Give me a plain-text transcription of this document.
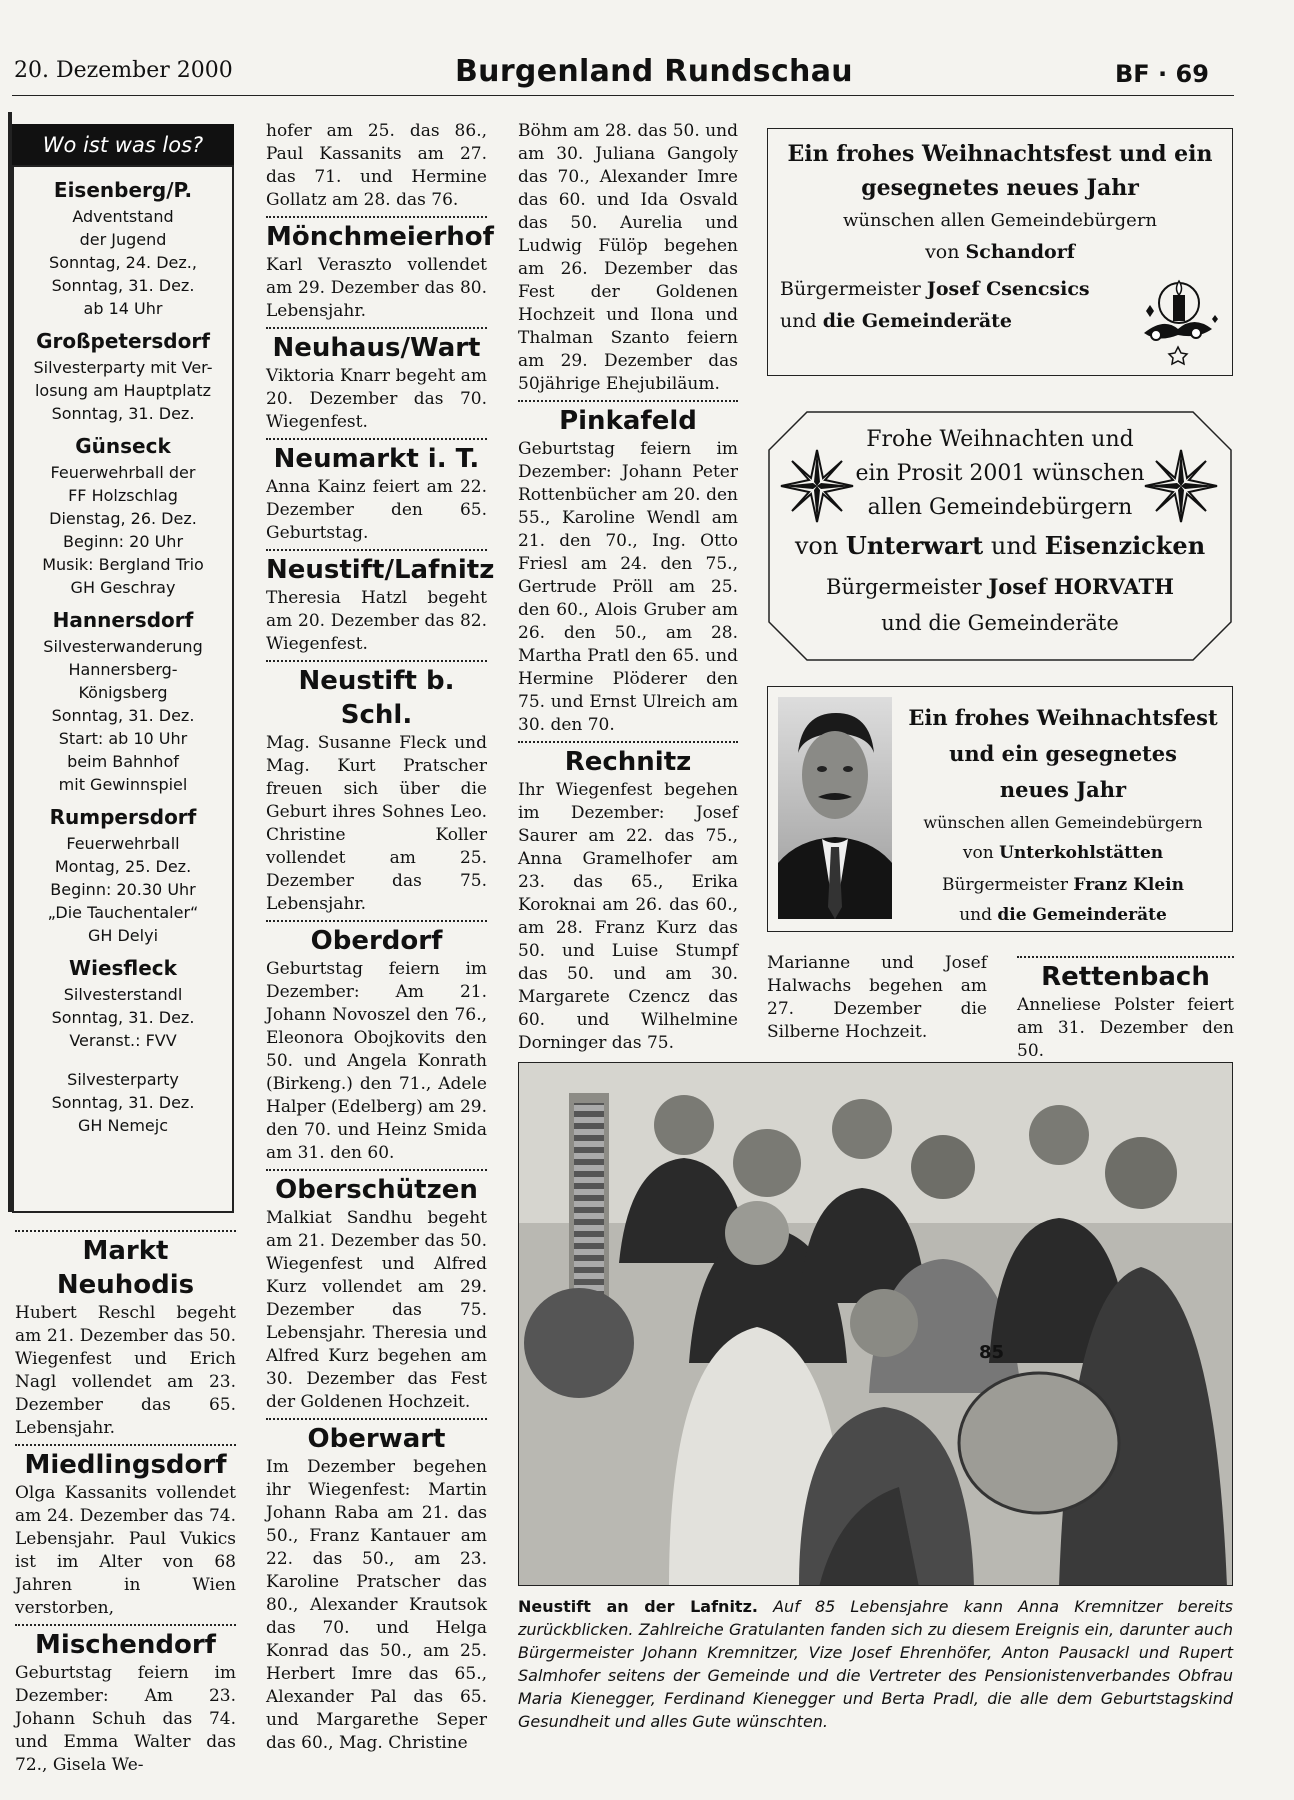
20. Dezember 2000	Burgenland Rundschau	BF · 69
Wo ist was los?
Eisenberg/P.
Adventstand
der Jugend
Sonntag, 24. Dez.,
Sonntag, 31. Dez.
ab 14 Uhr
Großpetersdorf
Silvesterparty mit Ver-
losung am Hauptplatz
Sonntag, 31. Dez.
Günseck
Feuerwehrball der
FF Holzschlag
Dienstag, 26. Dez.
Beginn: 20 Uhr
Musik: Bergland Trio
GH Geschray
Hannersdorf
Silvesterwanderung
Hannersberg-
Königsberg
Sonntag, 31. Dez.
Start: ab 10 Uhr
beim Bahnhof
mit Gewinnspiel
Rumpersdorf
Feuerwehrball
Montag, 25. Dez.
Beginn: 20.30 Uhr
„Die Tauchentaler“
GH Delyi
Wiesfleck
Silvesterstandl
Sonntag, 31. Dez.
Veranst.: FVV
Silvesterparty
Sonntag, 31. Dez.
GH Nemejc

Markt Neuhodis

Hubert Reschl begeht am 21. Dezember das 50. Wiegenfest und Erich Nagl vollendet am 23. Dezember das 65. Lebensjahr.

Miedlingsdorf

Olga Kassanits vollendet am 24. Dezember das 74. Lebensjahr. Paul Vukics ist im Alter von 68 Jahren in Wien verstorben,

Mischendorf

Geburtstag feiern im Dezember: Am 23. Johann Schuh das 74. und Emma Walter das 72., Gisela We-

hofer am 25. das 86., Paul Kassanits am 27. das 71. und Hermine Gollatz am 28. das 76.

Mönchmeierhof

Karl Veraszto vollendet am 29. Dezember das 80. Lebensjahr.

Neuhaus/Wart

Viktoria Knarr begeht am 20. Dezember das 70. Wiegenfest.

Neumarkt i. T.

Anna Kainz feiert am 22. Dezember den 65. Geburtstag.

Neustift/Lafnitz

Theresia Hatzl begeht am 20. Dezember das 82. Wiegenfest.

Neustift b. Schl.

Mag. Susanne Fleck und Mag. Kurt Pratscher freuen sich über die Geburt ihres Sohnes Leo. Christine Koller vollendet am 25. Dezember das 75. Lebensjahr.

Oberdorf

Geburtstag feiern im Dezember: Am 21. Johann Novoszel den 76., Eleonora Obojkovits den 50. und Angela Konrath (Birkeng.) den 71., Adele Halper (Edelberg) am 29. den 70. und Heinz Smida am 31. den 60.

Oberschützen

Malkiat Sandhu begeht am 21. Dezember das 50. Wiegenfest und Alfred Kurz vollendet am 29. Dezember das 75. Lebensjahr. Theresia und Alfred Kurz begehen am 30. Dezember das Fest der Goldenen Hochzeit.

Oberwart

Im Dezember begehen ihr Wiegenfest: Martin Johann Raba am 21. das 50., Franz Kantauer am 22. das 50., am 23. Karoline Pratscher das 80., Alexander Krautsok das 70. und Helga Konrad das 50., am 25. Herbert Imre das 65., Alexander Pal das 65. und Margarethe Seper das 60., Mag. Christine

Böhm am 28. das 50. und am 30. Juliana Gangoly das 70., Alexander Imre das 60. und Ida Osvald das 50. Aurelia und Ludwig Fülöp begehen am 26. Dezember das Fest der Goldenen Hochzeit und Ilona und Thalman Szanto feiern am 29. Dezember das 50jährige Ehejubiläum.

Pinkafeld

Geburtstag feiern im Dezember: Johann Peter Rottenbücher am 20. den 55., Karoline Wendl am 21. den 70., Ing. Otto Friesl am 24. den 75., Gertrude Pröll am 25. den 60., Alois Gruber am 26. den 50., am 28. Martha Pratl den 65. und Hermine Plöderer den 75. und Ernst Ulreich am 30. den 70.

Rechnitz

Ihr Wiegenfest begehen im Dezember: Josef Saurer am 22. das 75., Anna Gramelhofer am 23. das 65., Erika Koroknai am 26. das 60., am 28. Franz Kurz das 50. und Luise Stumpf das 50. und am 30. Margarete Czencz das 60. und Wilhelmine Dorninger das 75.

Ein frohes Weihnachtsfest und ein
gesegnetes neues Jahr
wünschen allen Gemeindebürgern
von Schandorf
Bürgermeister Josef Csencsics
und die Gemeinderäte
Frohe Weihnachten und
ein Prosit 2001 wünschen
allen Gemeindebürgern
von Unterwart und Eisenzicken
Bürgermeister Josef HORVATH
und die Gemeinderäte
Ein frohes Weihnachtsfest
und ein gesegnetes
neues Jahr
wünschen allen Gemeindebürgern
von Unterkohlstätten
Bürgermeister Franz Klein
und die Gemeinderäte
Marianne und Josef Halwachs begehen am 27. Dezember die Silberne Hochzeit.

Rettenbach

Anneliese Polster feiert am 31. Dezember den 50.

85
Neustift an der Lafnitz. Auf 85 Lebensjahre kann Anna Kremnitzer bereits zurückblicken. Zahlreiche Gratulanten fanden sich zu diesem Ereignis ein, darunter auch Bürgermeister Johann Kremnitzer, Vize Josef Ehrenhöfer, Anton Pausackl und Rupert Salmhofer seitens der Gemeinde und die Vertreter des Pensionistenverbandes Obfrau Maria Kienegger, Ferdinand Kienegger und Berta Pradl, die alle dem Geburtstagskind Gesundheit und alles Gute wünschten.
